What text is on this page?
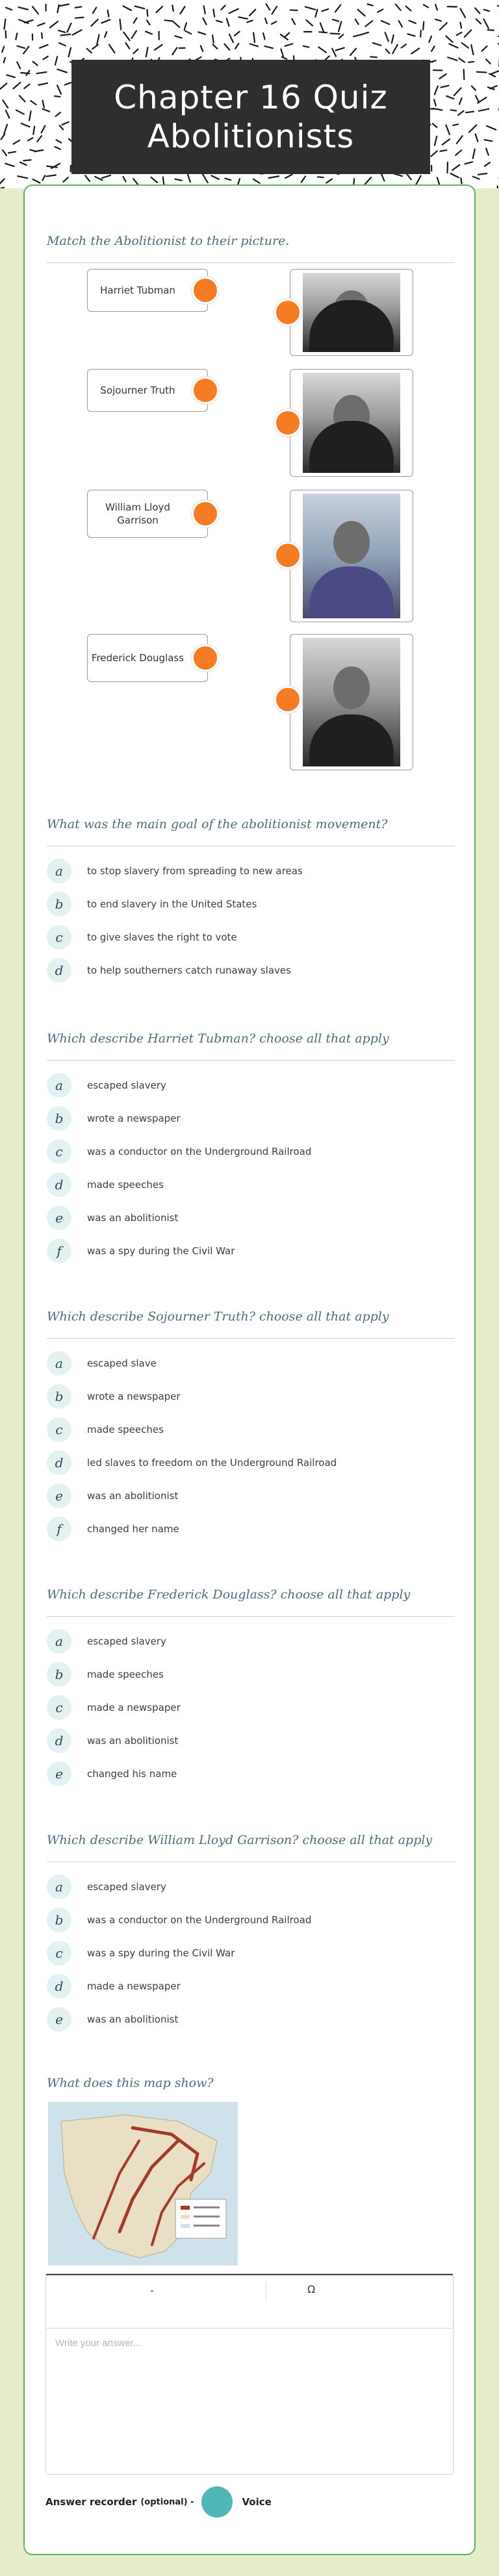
Chapter 16 Quiz
Abolitionists
Match the Abolitionist to their picture.
Harriet Tubman
Sojourner Truth
William Lloyd Garrison
Frederick Douglass
What was the main goal of the abolitionist movement?
a	to stop slavery from spreading to new areas
b	to end slavery in the United States
c	to give slaves the right to vote
d	to help southerners catch runaway slaves
Which describe Harriet Tubman? choose all that apply
a	escaped slavery
b	wrote a newspaper
c	was a conductor on the Underground Railroad
d	made speeches
e	was an abolitionist
f	was a spy during the Civil War
Which describe Sojourner Truth? choose all that apply
a	escaped slave
b	wrote a newspaper
c	made speeches
d	led slaves to freedom on the Underground Railroad
e	was an abolitionist
f	changed her name
Which describe Frederick Douglass? choose all that apply
a	escaped slavery
b	made speeches
c	made a newspaper
d	was an abolitionist
e	changed his name
Which describe William Lloyd Garrison? choose all that apply
a	escaped slavery
b	was a conductor on the Underground Railroad
c	was a spy during the Civil War
d	made a newspaper
e	was an abolitionist
What does this map show?
-	Ω
Write your answer...
Answer recorder (optional) -	Voice
